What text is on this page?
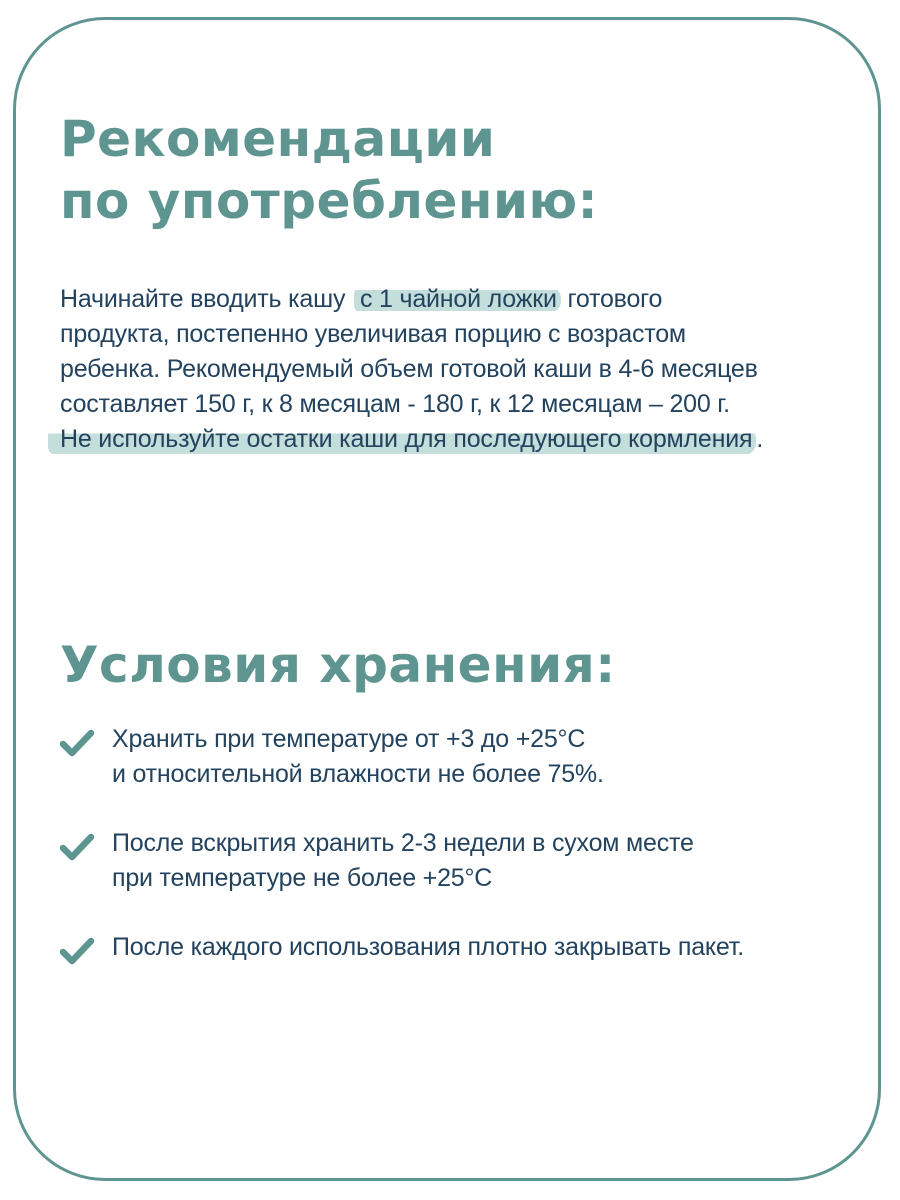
Рекомендации
по употреблению:

Начинайте вводить кашу с 1 чайной ложки готового
продукта, постепенно увеличивая порцию с возрастом
ребенка. Рекомендуемый объем готовой каши в 4-6 месяцев
составляет 150 г, к 8 месяцам - 180 г, к 12 месяцам – 200 г.
Не используйте остатки каши для последующего кормления .

Условия хранения:
Хранить при температуре от +3 до +25°C
и относительной влажности не более 75%.
После вскрытия хранить 2-3 недели в сухом месте
при температуре не более +25°C
После каждого использования плотно закрывать пакет.
